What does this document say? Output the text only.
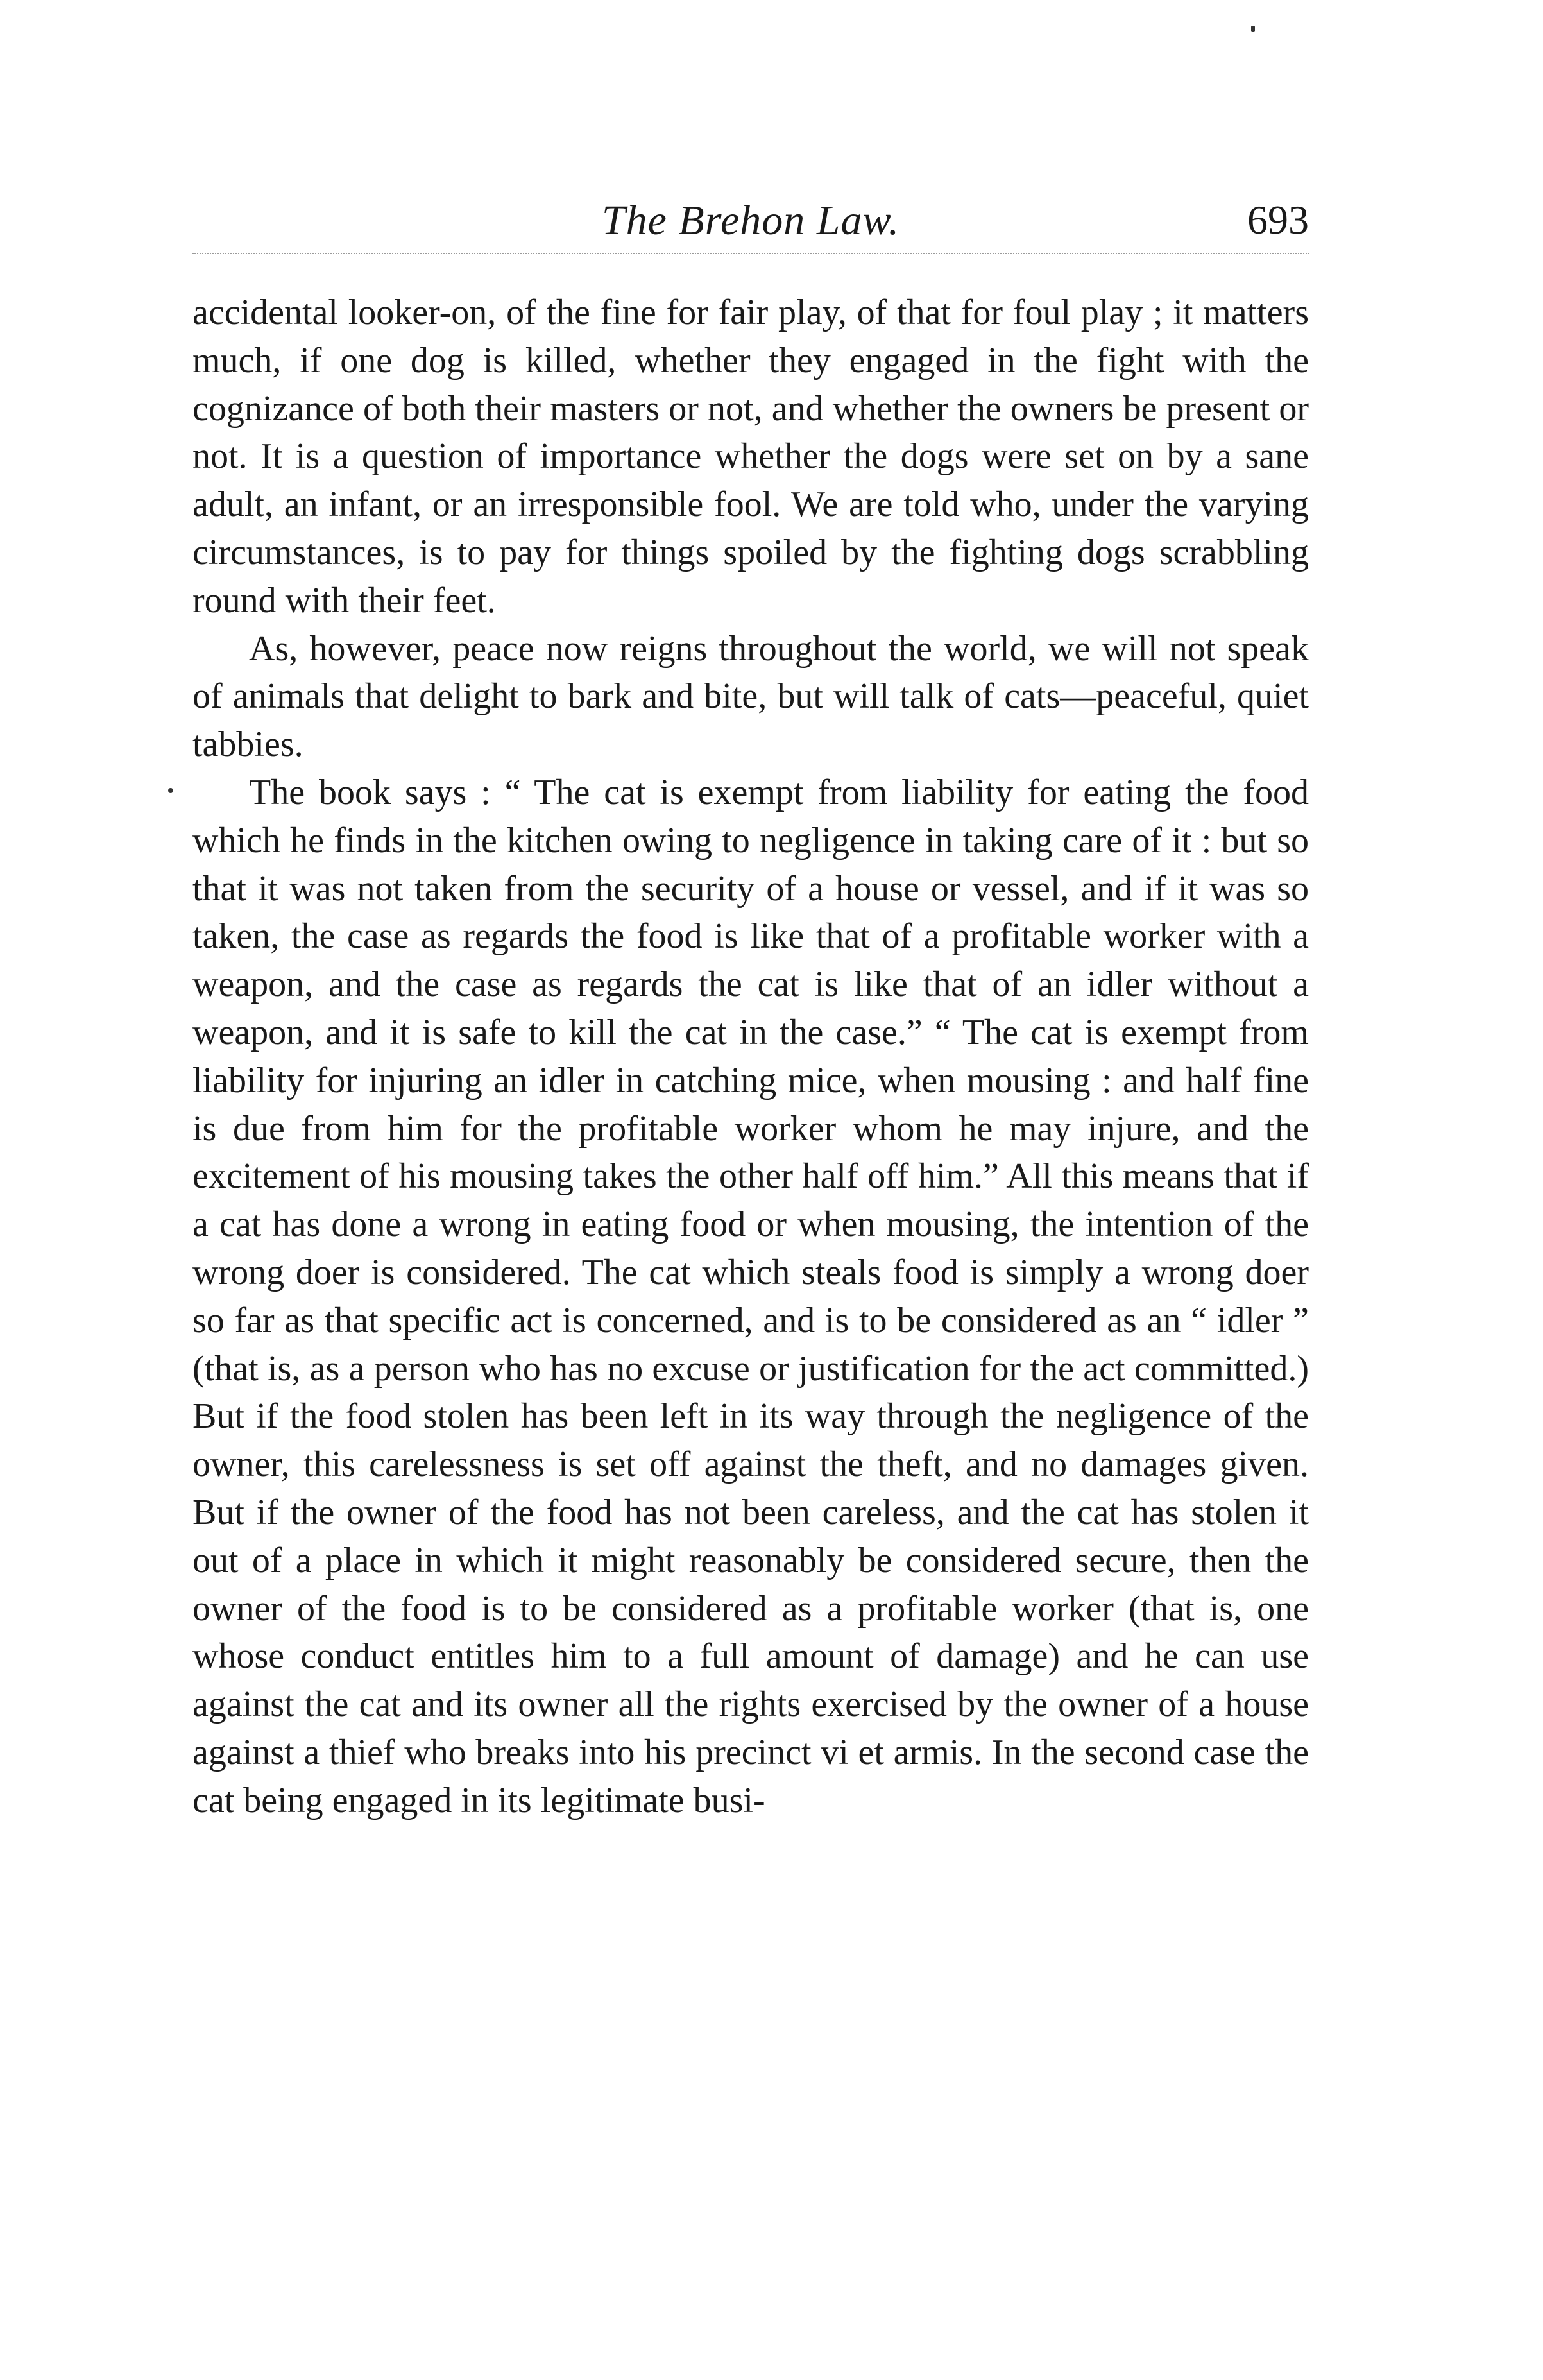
The Brehon Law.	693

accidental looker-on, of the fine for fair play, of that for foul play ; it matters much, if one dog is killed, whether they engaged in the fight with the cognizance of both their masters or not, and whether the owners be present or not. It is a question of importance whether the dogs were set on by a sane adult, an infant, or an irresponsible fool. We are told who, under the varying circumstances, is to pay for things spoiled by the fighting dogs scrabbling round with their feet.

As, however, peace now reigns throughout the world, we will not speak of animals that delight to bark and bite, but will talk of cats—peaceful, quiet tabbies.

The book says : “ The cat is exempt from liability for eating the food which he finds in the kitchen owing to negligence in taking care of it : but so that it was not taken from the security of a house or vessel, and if it was so taken, the case as regards the food is like that of a profitable worker with a weapon, and the case as regards the cat is like that of an idler without a weapon, and it is safe to kill the cat in the case.” “ The cat is exempt from liability for injuring an idler in catching mice, when mousing : and half fine is due from him for the profitable worker whom he may injure, and the excitement of his mousing takes the other half off him.” All this means that if a cat has done a wrong in eating food or when mousing, the intention of the wrong doer is considered. The cat which steals food is simply a wrong doer so far as that specific act is concerned, and is to be considered as an “ idler ” (that is, as a person who has no excuse or justification for the act committed.) But if the food stolen has been left in its way through the negligence of the owner, this carelessness is set off against the theft, and no damages given. But if the owner of the food has not been careless, and the cat has stolen it out of a place in which it might reasonably be considered secure, then the owner of the food is to be considered as a profitable worker (that is, one whose conduct entitles him to a full amount of damage) and he can use against the cat and its owner all the rights exercised by the owner of a house against a thief who breaks into his precinct vi et armis. In the second case the cat being engaged in its legitimate busi-
